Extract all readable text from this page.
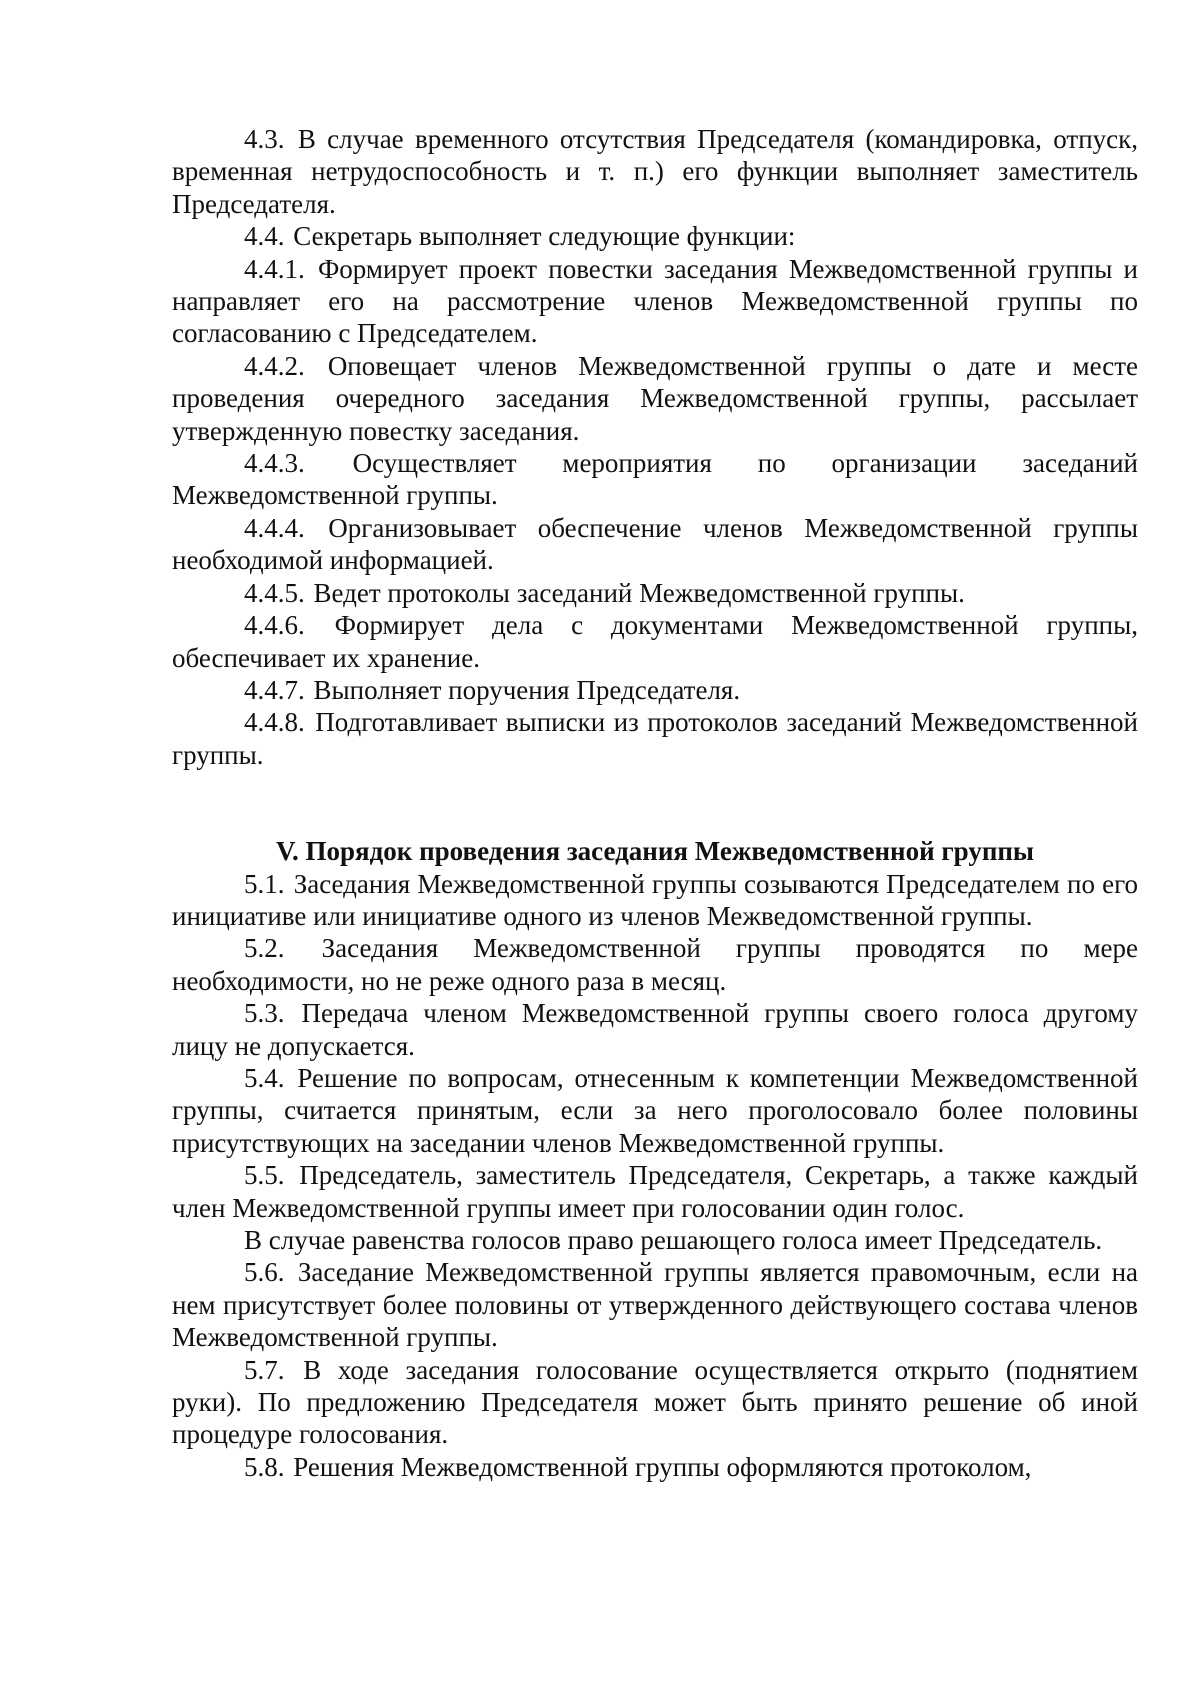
4.3. В случае временного отсутствия Председателя (командировка, отпуск, временная нетрудоспособность и т. п.) его функции выполняет заместитель Председателя.

4.4. Секретарь выполняет следующие функции:

4.4.1. Формирует проект повестки заседания Межведомственной группы и направляет его на рассмотрение членов Межведомственной группы по согласованию с Председателем.

4.4.2. Оповещает членов Межведомственной группы о дате и месте проведения очередного заседания Межведомственной группы, рассылает утвержденную повестку заседания.

4.4.3. Осуществляет мероприятия по организации заседаний Межведомственной группы.

4.4.4. Организовывает обеспечение членов Межведомственной группы необходимой информацией.

4.4.5. Ведет протоколы заседаний Межведомственной группы.

4.4.6. Формирует дела с документами Межведомственной группы, обеспечивает их хранение.

4.4.7. Выполняет поручения Председателя.

4.4.8. Подготавливает выписки из протоколов заседаний Межведомственной группы.

V. Порядок проведения заседания Межведомственной группы

5.1. Заседания Межведомственной группы созываются Председателем по его инициативе или инициативе одного из членов Межведомственной группы.

5.2. Заседания Межведомственной группы проводятся по мере необходимости, но не реже одного раза в месяц.

5.3. Передача членом Межведомственной группы своего голоса другому лицу не допускается.

5.4. Решение по вопросам, отнесенным к компетенции Межведомственной группы, считается принятым, если за него проголосовало более половины присутствующих на заседании членов Межведомственной группы.

5.5. Председатель, заместитель Председателя, Секретарь, а также каждый член Межведомственной группы имеет при голосовании один голос.

В случае равенства голосов право решающего голоса имеет Председатель.

5.6. Заседание Межведомственной группы является правомочным, если на нем присутствует более половины от утвержденного действующего состава членов Межведомственной группы.

5.7. В ходе заседания голосование осуществляется открыто (поднятием руки). По предложению Председателя может быть принято решение об иной процедуре голосования.

5.8. Решения Межведомственной группы оформляются протоколом,
